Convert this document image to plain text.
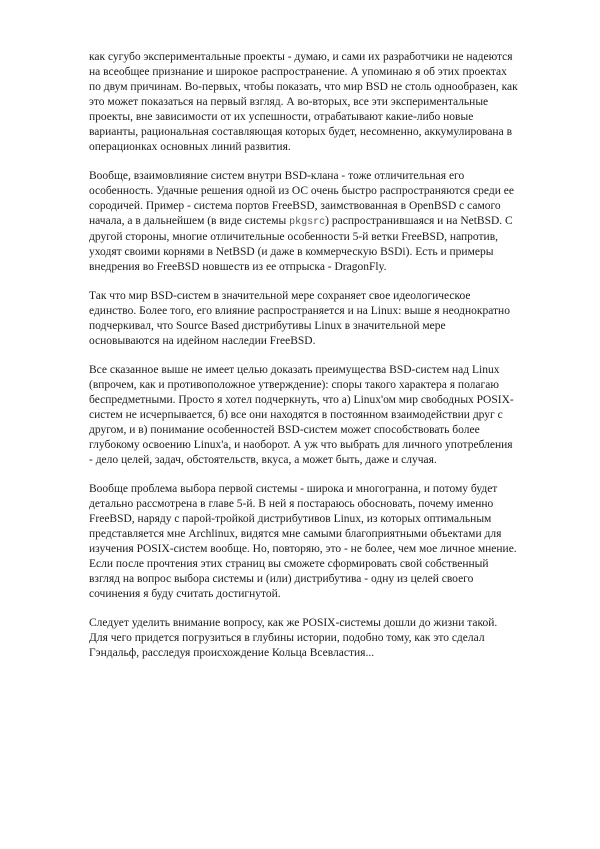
как сугубо экспериментальные проекты - думаю, и сами их разработчики не надеются на всеобщее признание и широкое распространение. А упоминаю я об этих проектах по двум причинам. Во-первых, чтобы показать, что мир BSD не столь однообразен, как это может показаться на первый взгляд. А во-вторых, все эти экспериментальные проекты, вне зависимости от их успешности, отрабатывают какие-либо новые варианты, рациональная составляющая которых будет, несомненно, аккумулирована в операционках основных линий развития.

Вообще, взаимовлияние систем внутри BSD-клана - тоже отличительная его особенность. Удачные решения одной из ОС очень быстро распространяются среди ее сородичей. Пример - система портов FreeBSD, заимствованная в OpenBSD с самого начала, а в дальнейшем (в виде системы pkgsrc) распространившаяся и на NetBSD. С другой стороны, многие отличительные особенности 5-й ветки FreeBSD, напротив, уходят своими корнями в NetBSD (и даже в коммерческую BSDi). Есть и примеры внедрения во FreeBSD новшеств из ее отпрыска - DragonFly.

Так что мир BSD-систем в значительной мере сохраняет свое идеологическое единство. Более того, его влияние распространяется и на Linux: выше я неоднократно подчеркивал, что Source Based дистрибутивы Linux в значительной мере основываются на идейном наследии FreeBSD.

Все сказанное выше не имеет целью доказать преимущества BSD-систем над Linux (впрочем, как и противоположное утверждение): споры такого характера я полагаю беспредметными. Просто я хотел подчеркнуть, что а) Linux'ом мир свободных POSIX-систем не исчерпывается, б) все они находятся в постоянном взаимодействии друг с другом, и в) понимание особенностей BSD-систем может способствовать более глубокому освоению Linux'а, и наоборот. А уж что выбрать для личного употребления - дело целей, задач, обстоятельств, вкуса, а может быть, даже и случая.

Вообще проблема выбора первой системы - широка и многогранна, и потому будет детально рассмотрена в главе 5-й. В ней я постараюсь обосновать, почему именно FreeBSD, наряду с парой-тройкой дистрибутивов Linux, из которых оптимальным представляется мне Archlinux, видятся мне самыми благоприятными объектами для изучения POSIX-систем вообще. Но, повторяю, это - не более, чем мое личное мнение. Если после прочтения этих страниц вы сможете сформировать свой собственный взгляд на вопрос выбора системы и (или) дистрибутива - одну из целей своего сочинения я буду считать достигнутой.

Следует уделить внимание вопросу, как же POSIX-системы дошли до жизни такой. Для чего придется погрузиться в глубины истории, подобно тому, как это сделал Гэндальф, расследуя происхождение Кольца Всевластия...
